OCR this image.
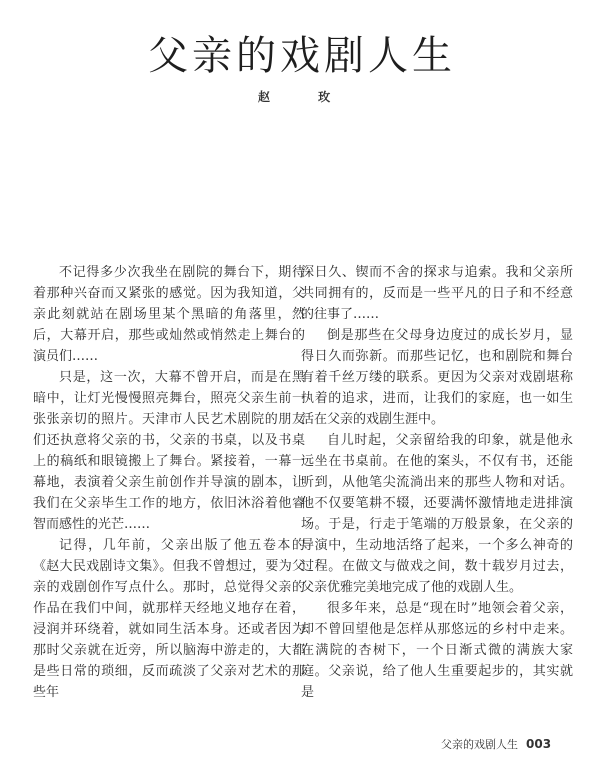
父亲的戏剧人生
赵 玫

不记得多少次我坐在剧院的舞台下，期待着那种兴奋而又紧张的感觉。因为我知道，父亲此刻就站在剧场里某个黑暗的角落里，然后，大幕开启，那些或灿然或悄然走上舞台的演员们……

只是，这一次，大幕不曾开启，而是在黑暗中，让灯光慢慢照亮舞台，照亮父亲生前一张张亲切的照片。天津市人民艺术剧院的朋友们还执意将父亲的书，父亲的书桌，以及书桌上的稿纸和眼镜搬上了舞台。紧接着，一幕一幕地，表演着父亲生前创作并导演的剧本，让我们在父亲毕生工作的地方，依旧沐浴着他睿智而感性的光芒……

记得，几年前，父亲出版了他五卷本的《赵大民戏剧诗文集》。但我不曾想过，要为父亲的戏剧创作写点什么。那时，总觉得父亲的作品在我们中间，就那样天经地义地存在着，浸润并环绕着，就如同生活本身。还或者因为那时父亲就在近旁，所以脑海中游走的，大都是些日常的琐细，反而疏淡了父亲对艺术的那些年

深日久、锲而不舍的探求与追索。我和父亲所共同拥有的，反而是一些平凡的日子和不经意的往事了……

倒是那些在父母身边度过的成长岁月，显得日久而弥新。而那些记忆，也和剧院和舞台有着千丝万缕的联系。更因为父亲对戏剧堪称执着的追求，进而，让我们的家庭，也一如生活在父亲的戏剧生涯中。

自儿时起，父亲留给我的印象，就是他永远坐在书桌前。在他的案头，不仅有书，还能听到，从他笔尖流淌出来的那些人物和对话。他不仅要笔耕不辍，还要满怀激情地走进排演场。于是，行走于笔端的万般景象，在父亲的导演中，生动地活络了起来，一个多么神奇的过程。在做文与做戏之间，数十载岁月过去，父亲优雅完美地完成了他的戏剧人生。

很多年来，总是“现在时”地领会着父亲，却不曾回望他是怎样从那悠远的乡村中走来。在满院的杏树下，一个日渐式微的满族大家庭。父亲说，给了他人生重要起步的，其实就是

父亲的戏剧人生 003
